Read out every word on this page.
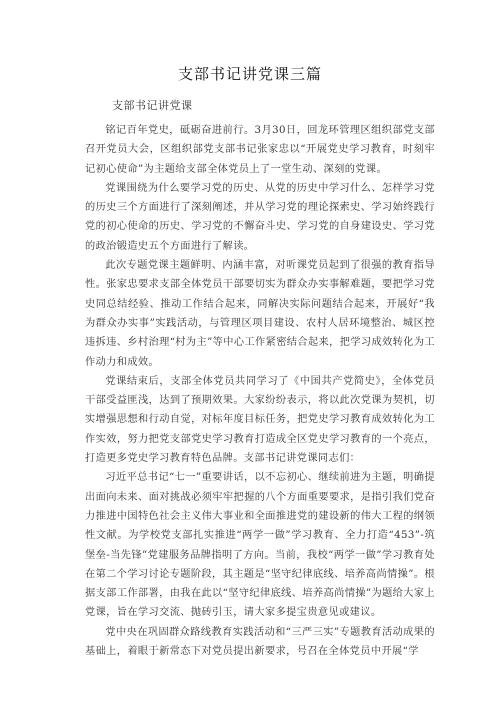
支部书记讲党课三篇
支部书记讲党课

铭记百年党史，砥砺奋进前行。3月30日，回龙环管理区组织部党支部召开党员大会，区组织部党支部书记张家忠以“开展党史学习教育，时刻牢记初心使命”为主题给支部全体党员上了一堂生动、深刻的党课。

党课围绕为什么要学习党的历史、从党的历史中学习什么、怎样学习党的历史三个方面进行了深刻阐述，并从学习党的理论探索史、学习始终践行党的初心使命的历史、学习党的不懈奋斗史、学习党的自身建设史、学习党的政治锻造史五个方面进行了解读。

此次专题党课主题鲜明、内涵丰富，对听课党员起到了很强的教育指导性。张家忠要求支部全体党员干部要切实为群众办实事解难题，要把学习党史同总结经验、推动工作结合起来，同解决实际问题结合起来，开展好“我为群众办实事”实践活动，与管理区项目建设、农村人居环境整治、城区控违拆违、乡村治理“村为主”等中心工作紧密结合起来，把学习成效转化为工作动力和成效。

党课结束后，支部全体党员共同学习了《中国共产党简史》，全体党员干部受益匪浅，达到了预期效果。大家纷纷表示，将以此次党课为契机，切实增强思想和行动自觉，对标年度目标任务，把党史学习教育成效转化为工作实效，努力把党支部党史学习教育打造成全区党史学习教育的一个亮点，打造更多党史学习教育特色品牌。支部书记讲党课同志们：

习近平总书记“七一”重要讲话，以不忘初心、继续前进为主题，明确提出面向未来、面对挑战必须牢牢把握的八个方面重要要求，是指引我们党奋力推进中国特色社会主义伟大事业和全面推进党的建设新的伟大工程的纲领性文献。为学校党支部扎实推进“两学一做”学习教育、全力打造“453”-筑堡垒-当先锋”党建服务品牌指明了方向。当前，我校“两学一做”学习教育处在第二个学习讨论专题阶段，其主题是“坚守纪律底线、培养高尚情操”。根据支部工作部署，由我在此以“坚守纪律底线、培养高尚情操”为题给大家上党课，旨在学习交流、抛砖引玉，请大家多提宝贵意见或建议。

党中央在巩固群众路线教育实践活动和“三严三实”专题教育活动成果的基础上，着眼于新常态下对党员提出新要求，号召在全体党员中开展“学
